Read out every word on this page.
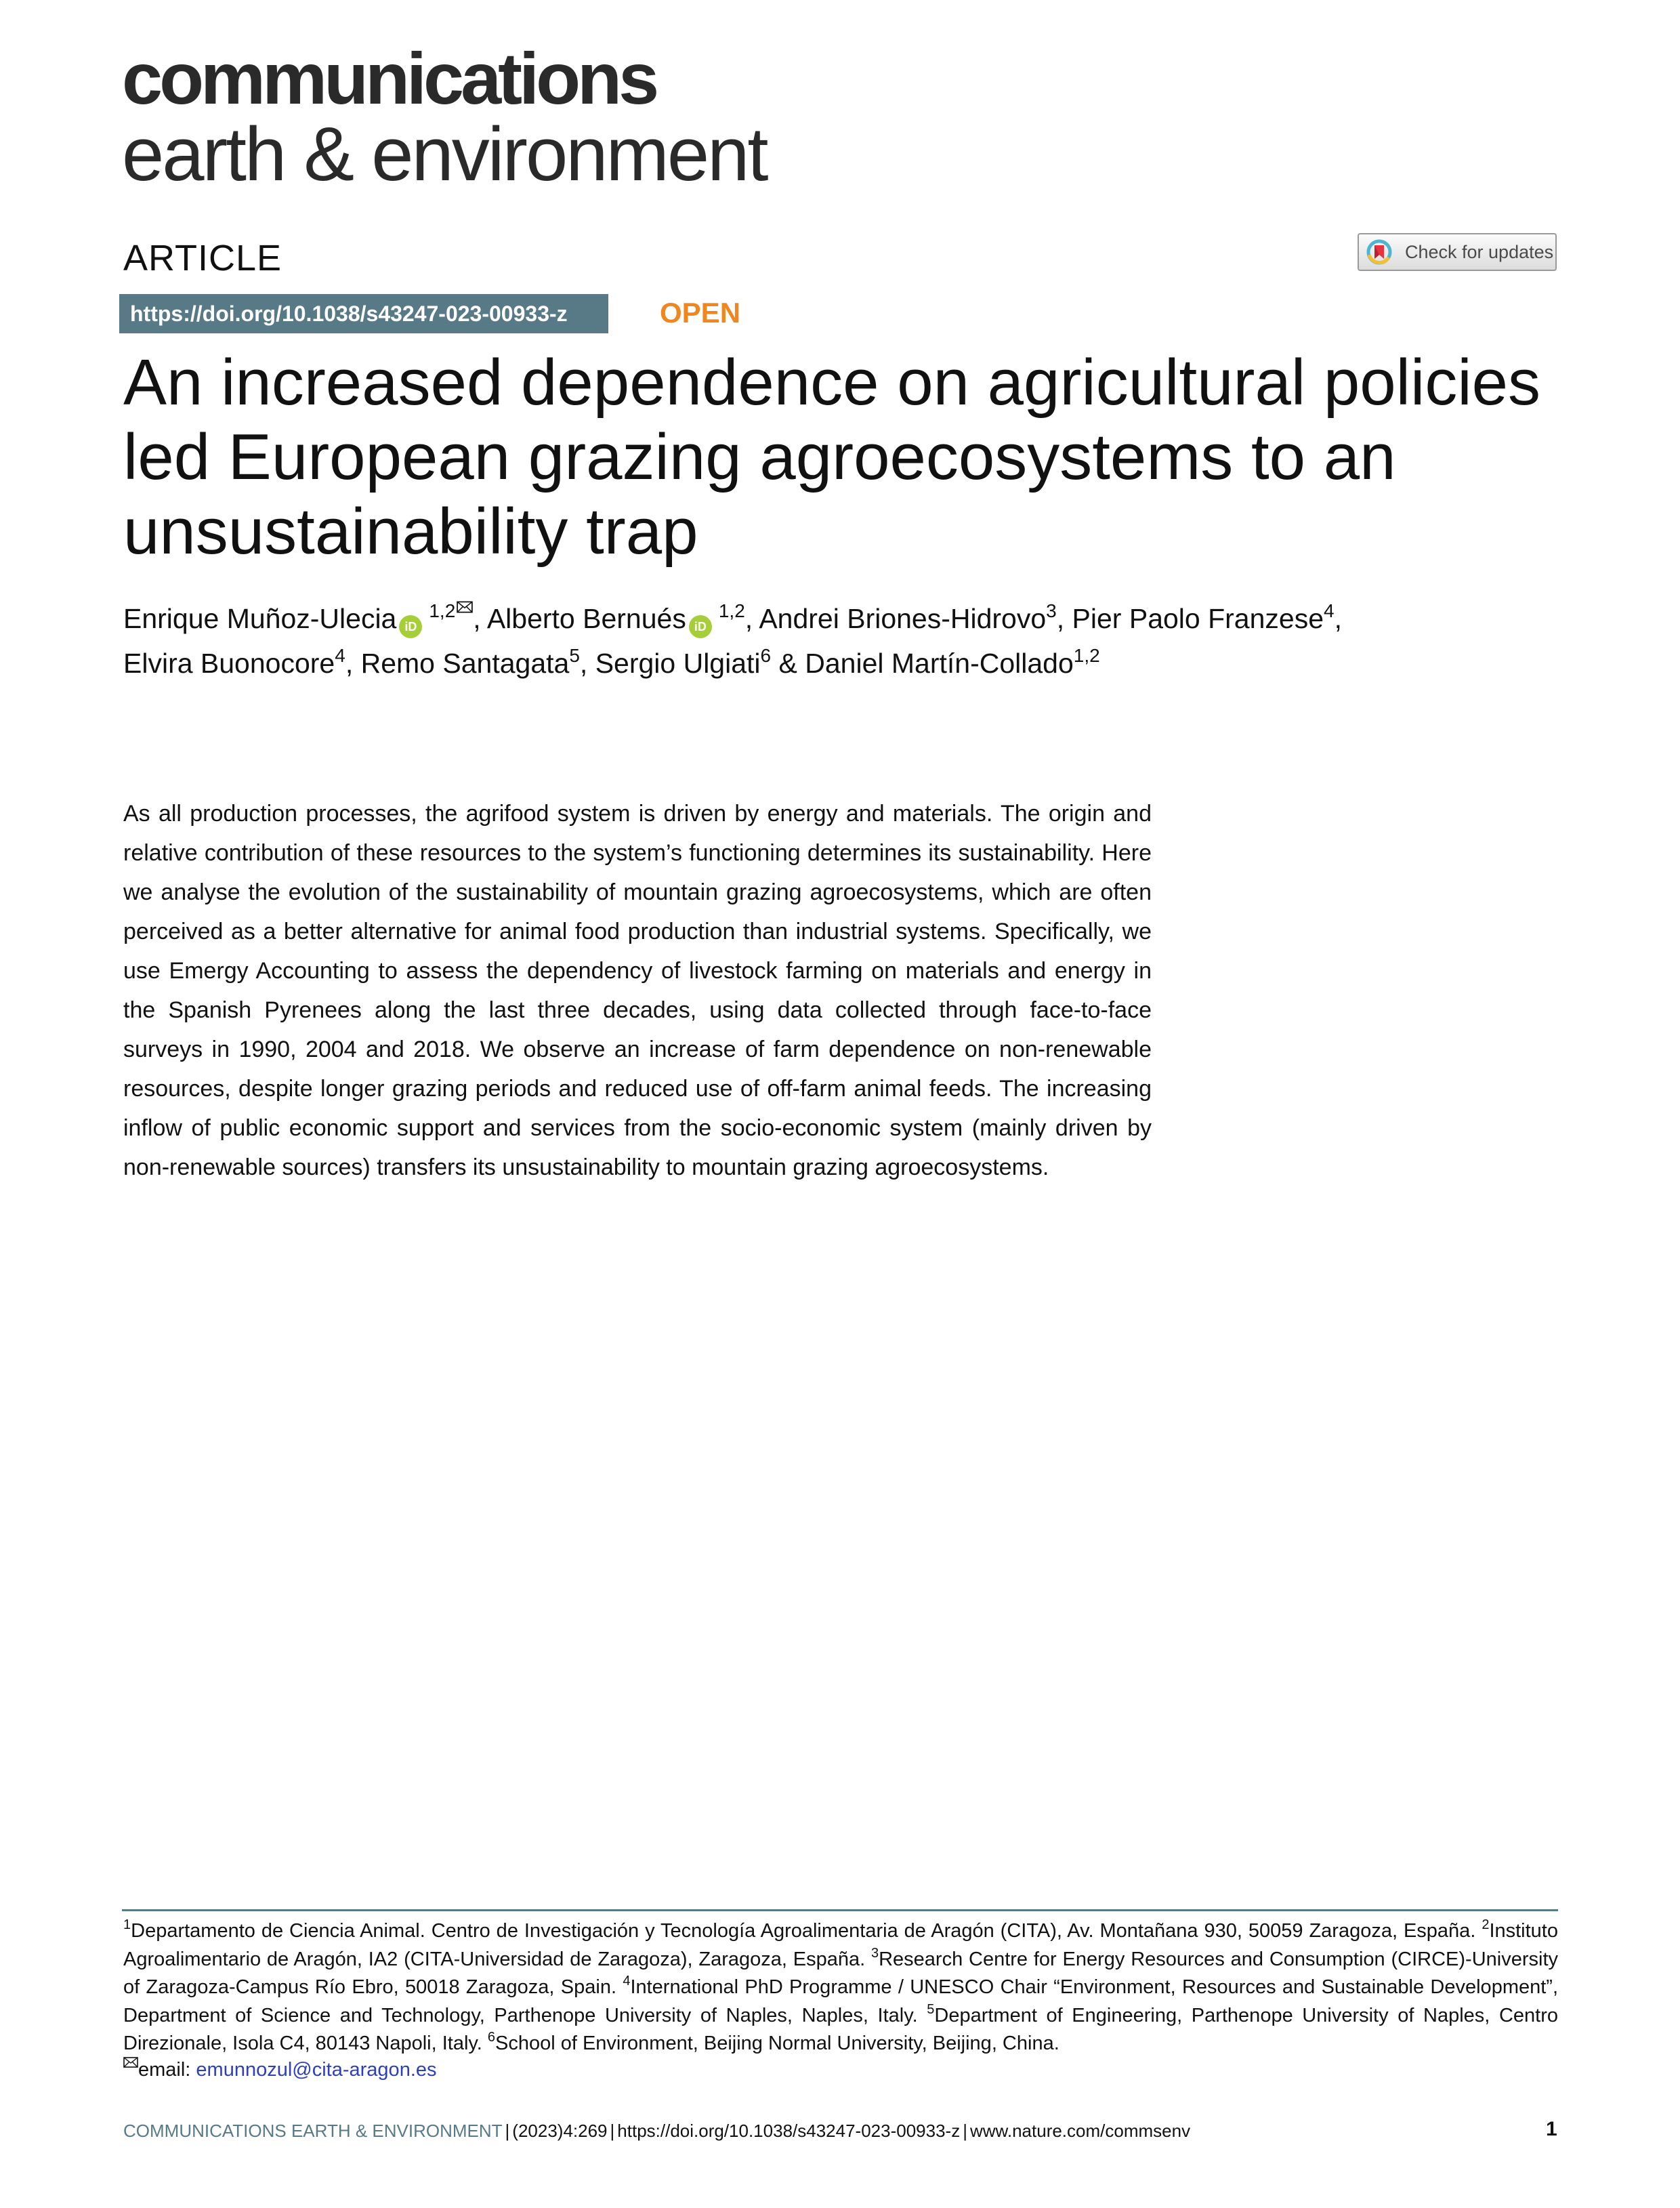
communications
earth & environment
ARTICLE	Check for updates
https://doi.org/10.1038/s43247-023-00933-z	OPEN
An increased dependence on agricultural policies led European grazing agroecosystems to an unsustainability trap
Enrique Muñoz-Ulecia iD$^{1,2}$ , Alberto Bernués iD$^{1,2}$, Andrei Briones-Hidrovo$^3$, Pier Paolo Franzese$^4$,
Elvira Buonocore$^4$, Remo Santagata$^5$, Sergio Ulgiati$^6$ & Daniel Martín-Collado$^{1,2}$

As all production processes, the agrifood system is driven by energy and materials. The origin and relative contribution of these resources to the system’s functioning determines its sustainability. Here we analyse the evolution of the sustainability of mountain grazing agroecosystems, which are often perceived as a better alternative for animal food production than industrial systems. Specifically, we use Emergy Accounting to assess the dependency of livestock farming on materials and energy in the Spanish Pyrenees along the last three decades, using data collected through face-to-face surveys in 1990, 2004 and 2018. We observe an increase of farm dependence on non-renewable resources, despite longer grazing periods and reduced use of off-farm animal feeds. The increasing inflow of public economic support and services from the socio-economic system (mainly driven by non-renewable sources) transfers its unsustainability to mountain grazing agroecosystems.

$^1$Departamento de Ciencia Animal. Centro de Investigación y Tecnología Agroalimentaria de Aragón (CITA), Av. Montañana 930, 50059 Zaragoza, España. $^2$Instituto Agroalimentario de Aragón, IA2 (CITA-Universidad de Zaragoza), Zaragoza, España. $^3$Research Centre for Energy Resources and Consumption (CIRCE)-University of Zaragoza-Campus Río Ebro, 50018 Zaragoza, Spain. $^4$International PhD Programme / UNESCO Chair “Environment, Resources and Sustainable Development”, Department of Science and Technology, Parthenope University of Naples, Naples, Italy. $^5$Department of Engineering, Parthenope University of Naples, Centro Direzionale, Isola C4, 80143 Napoli, Italy. $^6$School of Environment, Beijing Normal University, Beijing, China.
email: emunnozul@cita-aragon.es
COMMUNICATIONS EARTH & ENVIRONMENT | (2023)4:269 | https://doi.org/10.1038/s43247-023-00933-z | www.nature.com/commsenv	1
